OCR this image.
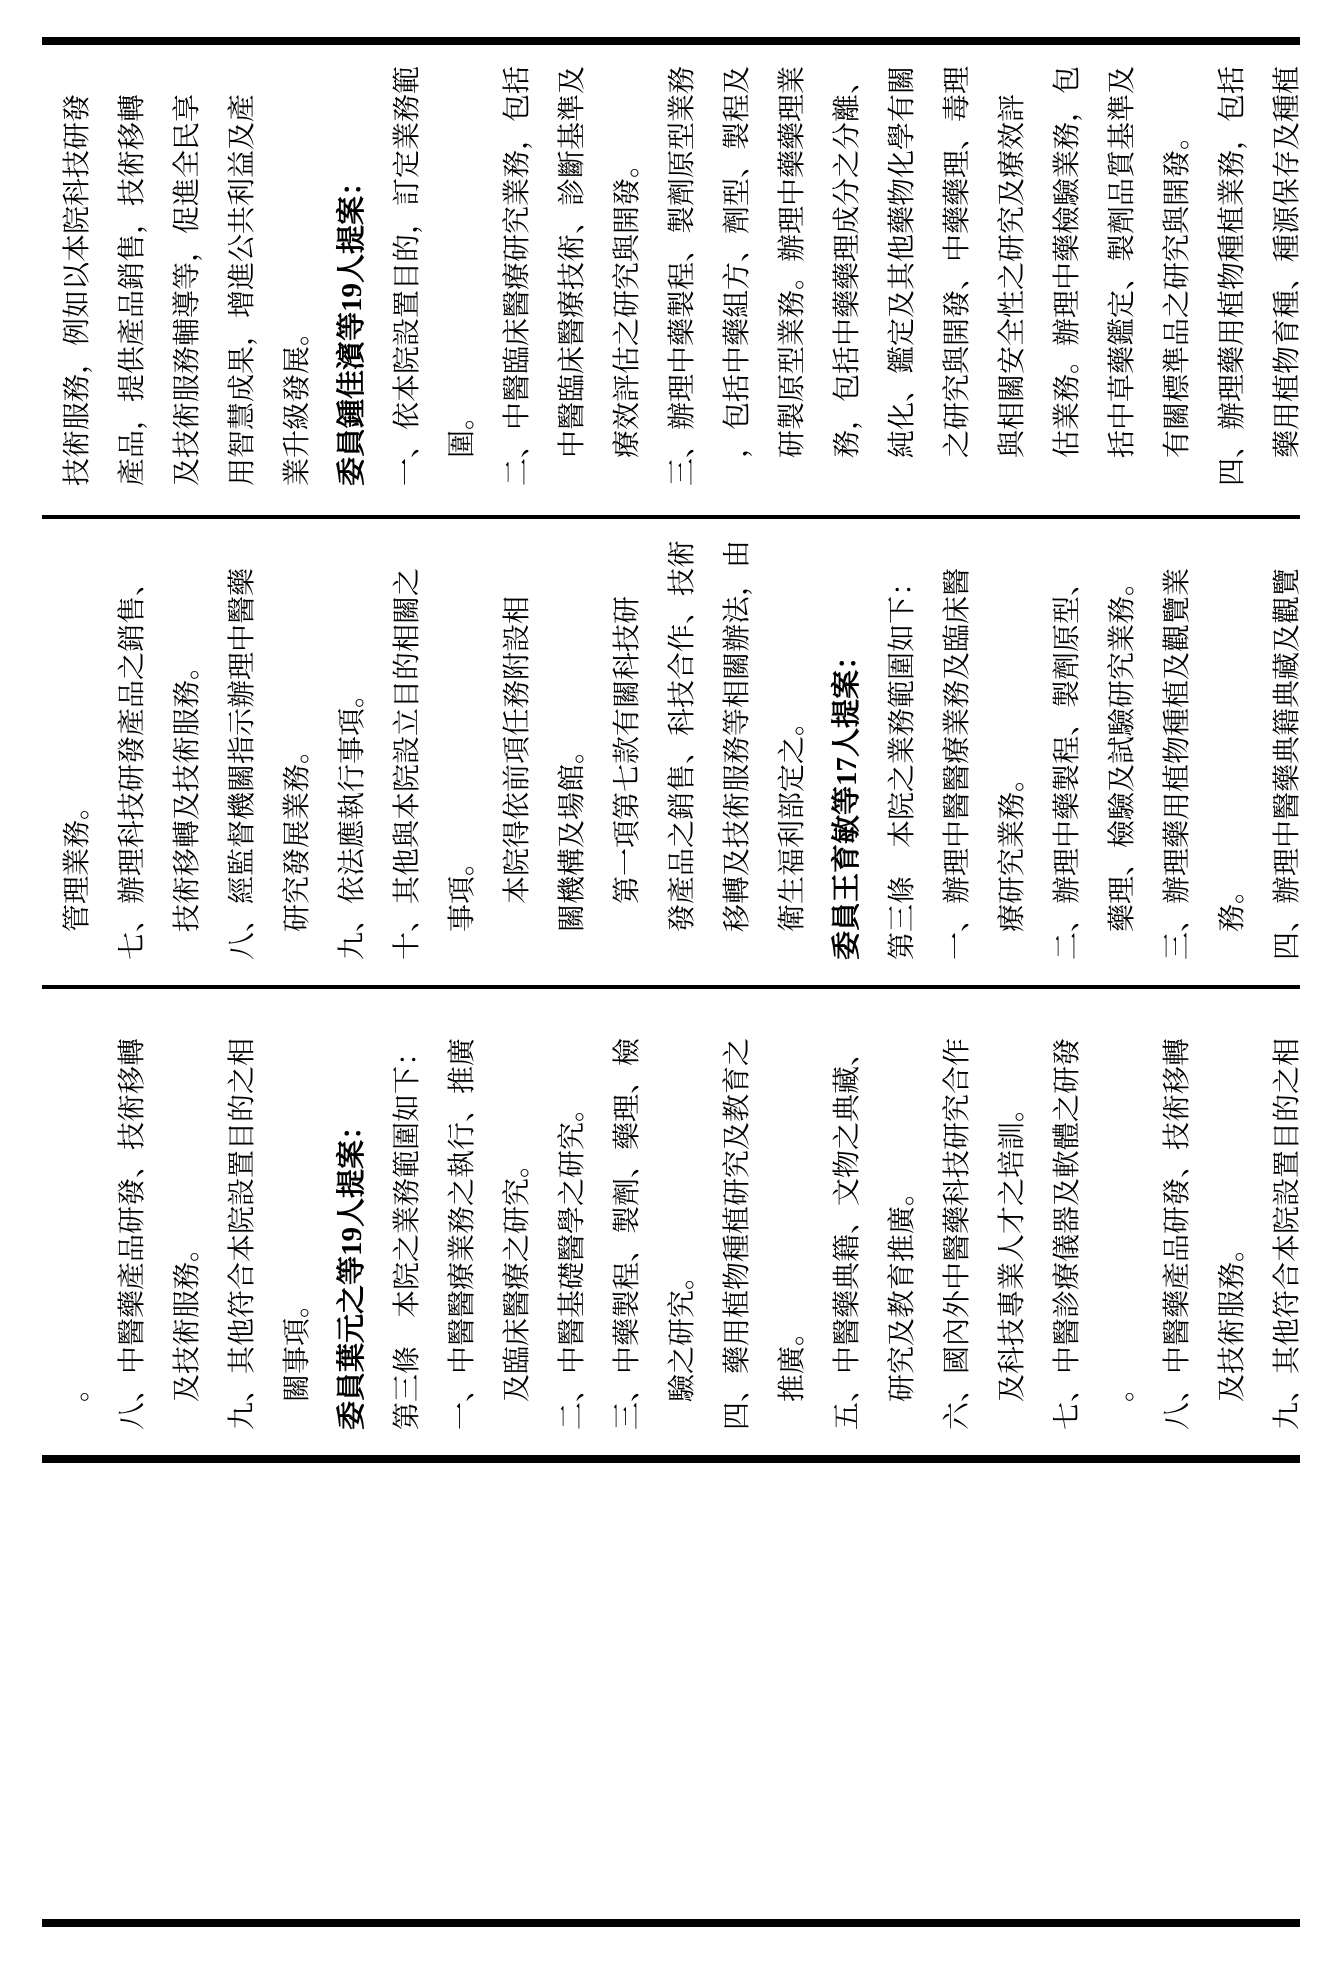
技術服務，例如以本院科技研發 產品，提供產品銷售，技術移轉 及技術服務輔導等，促進全民享 用智慧成果，增進公共利益及產 業升級發展。 委員鍾佳濱等19人提案： 一、依本院設置目的，訂定業務範 圍。 二、中醫臨床醫療研究業務，包括 中醫臨床醫療技術、診斷基準及 療效評估之研究與開發。 三、辦理中藥製程、製劑原型業務 ，包括中藥組方、劑型、製程及 研製原型業務。辦理中藥藥理業 務，包括中藥藥理成分之分離、 純化、鑑定及其他藥物化學有關 之研究與開發、中藥藥理、毒理 與相關安全性之研究及療效評 估業務。辦理中藥檢驗業務，包 括中草藥鑑定、製劑品質基準及 有關標準品之研究與開發。 四、辦理藥用植物種植業務，包括 藥用植物育種、種源保存及種植
管理業務。 七、辦理科技研發產品之銷售、 技術移轉及技術服務。 八、經監督機關指示辦理中醫藥 研究發展業務。 九、依法應執行事項。 十、其他與本院設立目的相關之 事項。 本院得依前項任務附設相 關機構及場館。 第一項第七款有關科技研 發產品之銷售、科技合作、技術 移轉及技術服務等相關辦法，由 衛生福利部定之。 委員王育敏等17人提案： 第三條　本院之業務範圍如下： 一、辦理中醫醫療業務及臨床醫 療研究業務。 二、辦理中藥製程、製劑原型、 藥理、檢驗及試驗研究業務。 三、辦理藥用植物種植及觀覽業 務。 四、辦理中醫藥典籍典藏及觀覽
。 八、中醫藥產品研發、技術移轉 及技術服務。 九、其他符合本院設置目的之相 關事項。 委員葉元之等19人提案： 第三條　本院之業務範圍如下： 一、中醫醫療業務之執行、推廣 及臨床醫療之研究。 二、中醫基礎醫學之研究。 三、中藥製程、製劑、藥理、檢 驗之研究。 四、藥用植物種植研究及教育之 推廣。 五、中醫藥典籍、文物之典藏、 研究及教育推廣。 六、國內外中醫藥科技研究合作 及科技專業人才之培訓。 七、中醫診療儀器及軟體之研發 。 八、中醫藥產品研發、技術移轉 及技術服務。 九、其他符合本院設置目的之相
